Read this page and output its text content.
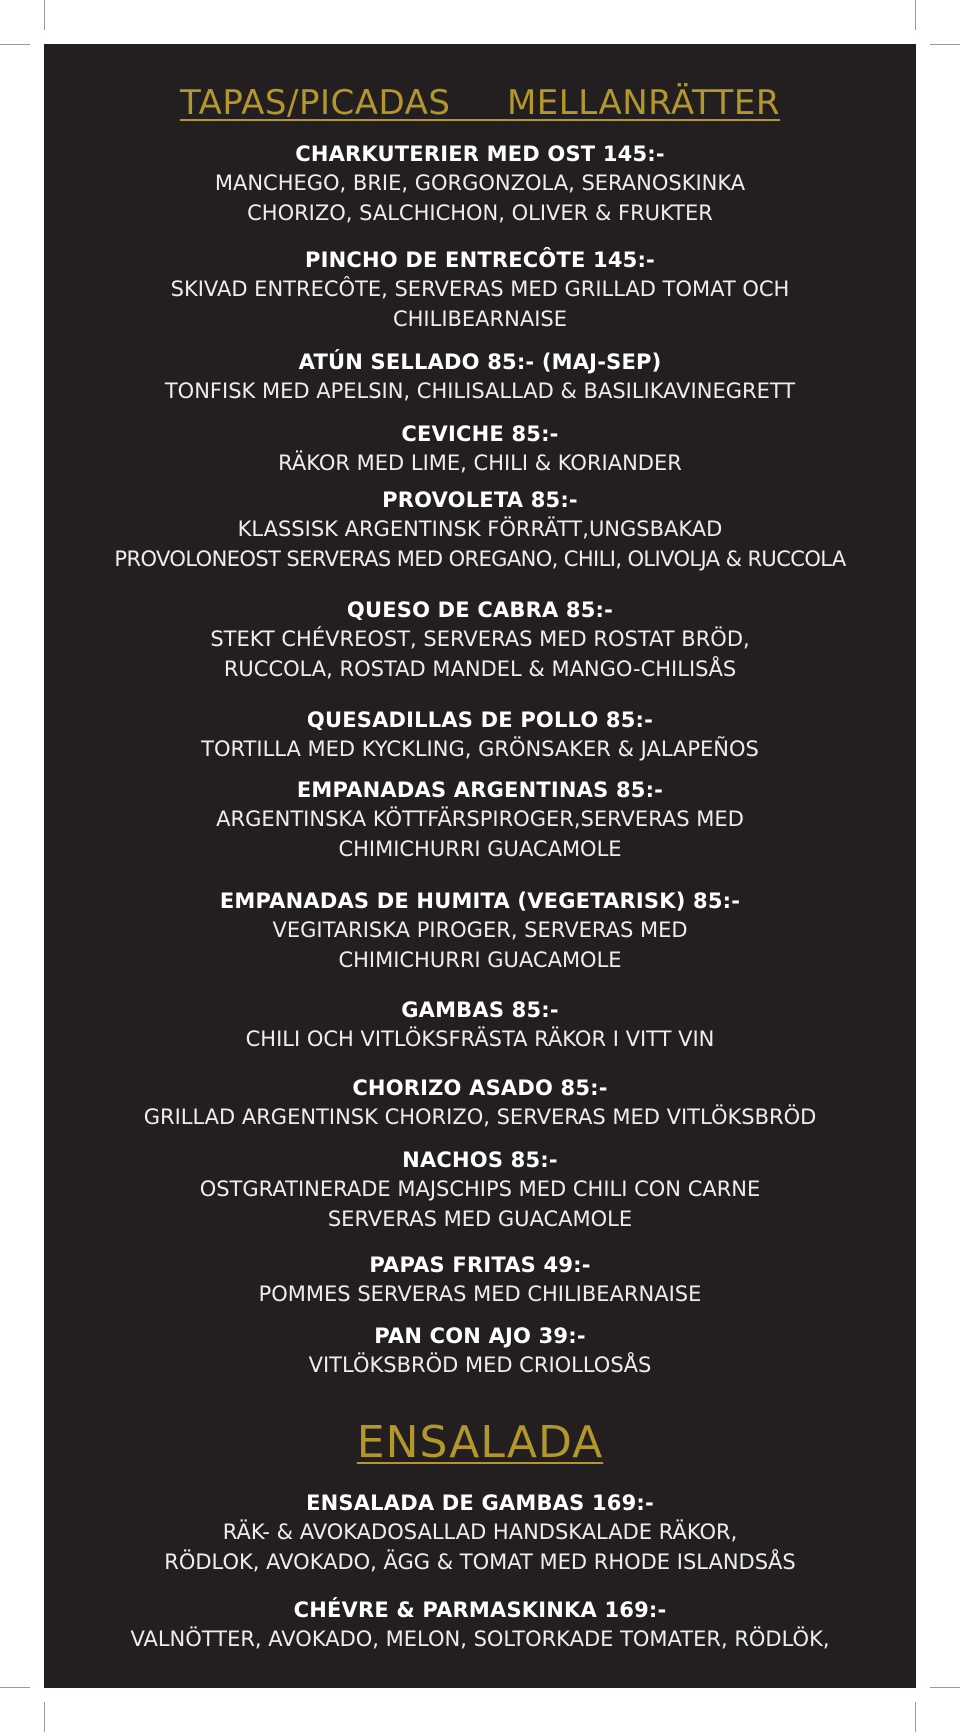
TAPAS/PICADAS     MELLANRÄTTER
CHARKUTERIER MED OST 145:-
MANCHEGO, BRIE, GORGONZOLA, SERANOSKINKA
CHORIZO, SALCHICHON, OLIVER & FRUKTER
PINCHO DE ENTRECÔTE 145:-
SKIVAD ENTRECÔTE, SERVERAS MED GRILLAD TOMAT OCH
CHILIBEARNAISE
ATÚN SELLADO 85:- (MAJ-SEP)
TONFISK MED APELSIN, CHILISALLAD & BASILIKAVINEGRETT
CEVICHE 85:-
RÄKOR MED LIME, CHILI & KORIANDER
PROVOLETA 85:-
KLASSISK ARGENTINSK FÖRRÄTT,UNGSBAKAD
PROVOLONEOST SERVERAS MED OREGANO, CHILI, OLIVOLJA & RUCCOLA
QUESO DE CABRA 85:-
STEKT CHÉVREOST, SERVERAS MED ROSTAT BRÖD,
RUCCOLA, ROSTAD MANDEL & MANGO-CHILISÅS
QUESADILLAS DE POLLO 85:-
TORTILLA MED KYCKLING, GRÖNSAKER & JALAPEÑOS
EMPANADAS ARGENTINAS 85:-
ARGENTINSKA KÖTTFÄRSPIROGER,SERVERAS MED
CHIMICHURRI GUACAMOLE
EMPANADAS DE HUMITA (VEGETARISK) 85:-
VEGITARISKA PIROGER, SERVERAS MED
CHIMICHURRI GUACAMOLE
GAMBAS 85:-
CHILI OCH VITLÖKSFRÄSTA RÄKOR I VITT VIN
CHORIZO ASADO 85:-
GRILLAD ARGENTINSK CHORIZO, SERVERAS MED VITLÖKSBRÖD
NACHOS 85:-
OSTGRATINERADE MAJSCHIPS MED CHILI CON CARNE
SERVERAS MED GUACAMOLE
PAPAS FRITAS 49:-
POMMES SERVERAS MED CHILIBEARNAISE
PAN CON AJO 39:-
VITLÖKSBRÖD MED CRIOLLOSÅS
ENSALADA
ENSALADA DE GAMBAS 169:-
RÄK- & AVOKADOSALLAD HANDSKALADE RÄKOR,
RÖDLOK, AVOKADO, ÄGG & TOMAT MED RHODE ISLANDSÅS
CHÉVRE & PARMASKINKA 169:-
VALNÖTTER, AVOKADO, MELON, SOLTORKADE TOMATER, RÖDLÖK,
